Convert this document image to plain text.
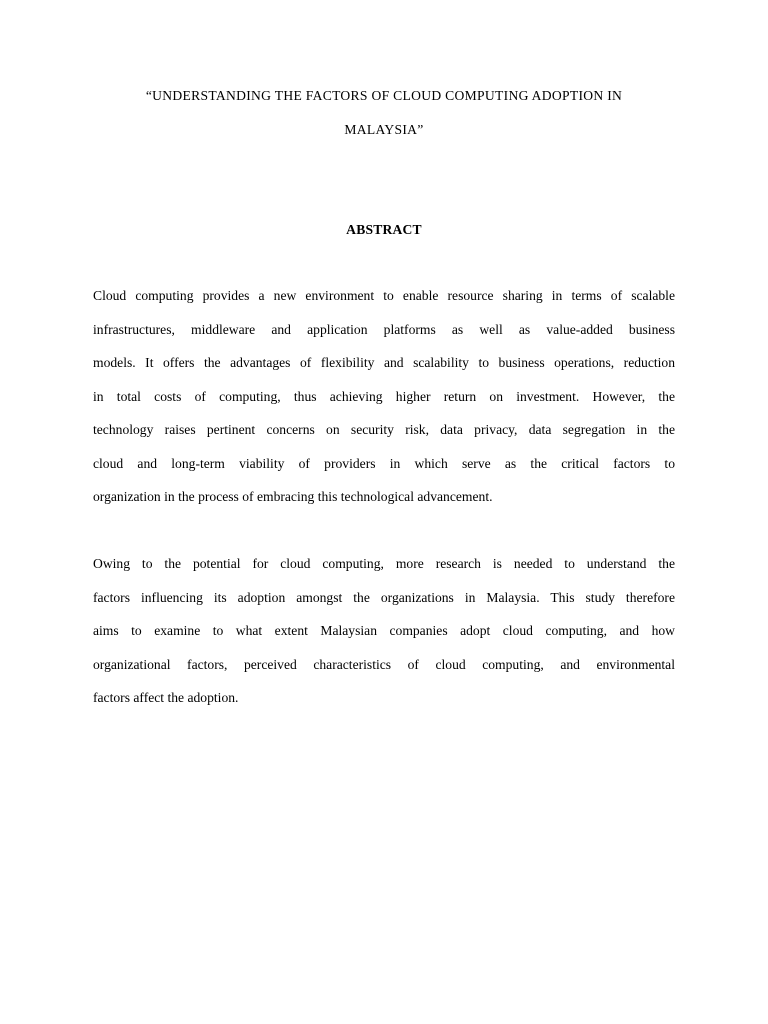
“UNDERSTANDING THE FACTORS OF CLOUD COMPUTING ADOPTION IN
MALAYSIA”
ABSTRACT
Cloud computing provides a new environment to enable resource sharing in terms of scalable
infrastructures, middleware and application platforms as well as value-added business
models. It offers the advantages of flexibility and scalability to business operations, reduction
in total costs of computing, thus achieving higher return on investment. However, the
technology raises pertinent concerns on security risk, data privacy, data segregation in the
cloud and long-term viability of providers in which serve as the critical factors to
organization in the process of embracing this technological advancement.
Owing to the potential for cloud computing, more research is needed to understand the
factors influencing its adoption amongst the organizations in Malaysia. This study therefore
aims to examine to what extent Malaysian companies adopt cloud computing, and how
organizational factors, perceived characteristics of cloud computing, and environmental
factors affect the adoption.
